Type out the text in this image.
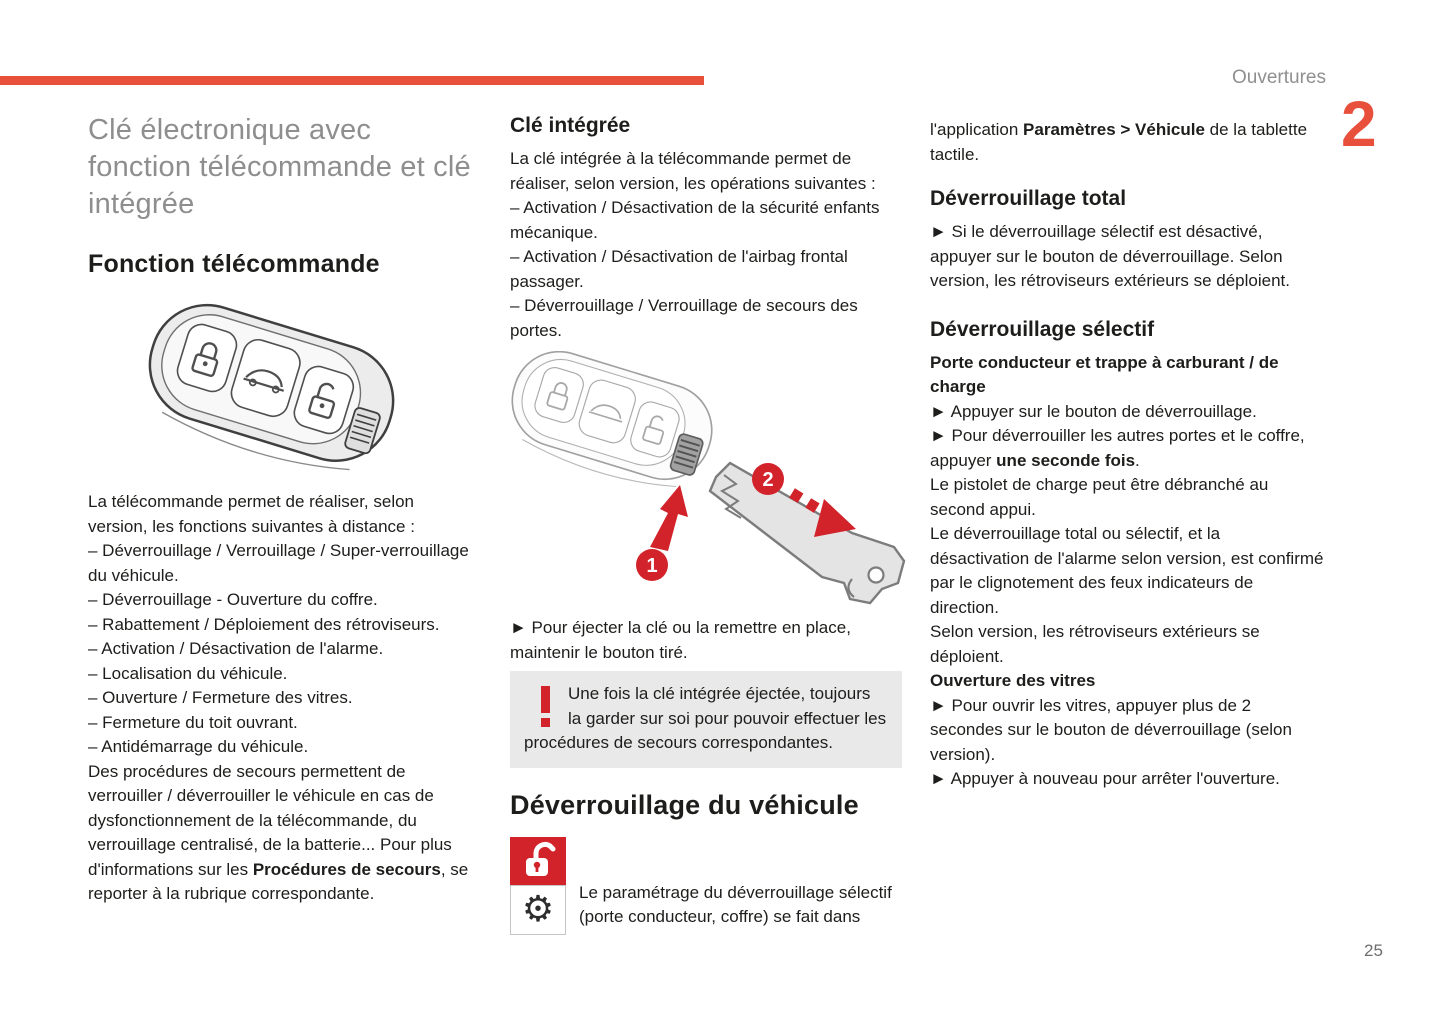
Ouvertures
2
25
Clé électronique avec fonction télécommande et clé intégrée
Fonction télécommande

La télécommande permet de réaliser, selon version, les fonctions suivantes à distance :

– Déverrouillage / Verrouillage / Super-verrouillage du véhicule.
– Déverrouillage - Ouverture du coffre.
– Rabattement / Déploiement des rétroviseurs.
– Activation / Désactivation de l'alarme.
– Localisation du véhicule.
– Ouverture / Fermeture des vitres.
– Fermeture du toit ouvrant.
– Antidémarrage du véhicule.

Des procédures de secours permettent de verrouiller / déverrouiller le véhicule en cas de dysfonctionnement de la télécommande, du verrouillage centralisé, de la batterie... Pour plus d'informations sur les Procédures de secours, se reporter à la rubrique correspondante.

Clé intégrée

La clé intégrée à la télécommande permet de réaliser, selon version, les opérations suivantes :

– Activation / Désactivation de la sécurité enfants mécanique.
– Activation / Désactivation de l'airbag frontal passager.
– Déverrouillage / Verrouillage de secours des portes.
1
2

► Pour éjecter la clé ou la remettre en place, maintenir le bouton tiré.

Une fois la clé intégrée éjectée, toujours la garder sur soi pour pouvoir effectuer les procédures de secours correspondantes.
Déverrouillage du véhicule
⚙ Le paramétrage du déverrouillage sélectif (porte conducteur, coffre) se fait dans

l'application Paramètres > Véhicule de la tablette tactile.

Déverrouillage total

► Si le déverrouillage sélectif est désactivé, appuyer sur le bouton de déverrouillage. Selon version, les rétroviseurs extérieurs se déploient.

Déverrouillage sélectif

Porte conducteur et trappe à carburant / de charge

► Appuyer sur le bouton de déverrouillage.

► Pour déverrouiller les autres portes et le coffre, appuyer une seconde fois.

Le pistolet de charge peut être débranché au second appui.

Le déverrouillage total ou sélectif, et la désactivation de l'alarme selon version, est confirmé par le clignotement des feux indicateurs de direction.

Selon version, les rétroviseurs extérieurs se déploient.

Ouverture des vitres

► Pour ouvrir les vitres, appuyer plus de 2 secondes sur le bouton de déverrouillage (selon version).

► Appuyer à nouveau pour arrêter l'ouverture.
